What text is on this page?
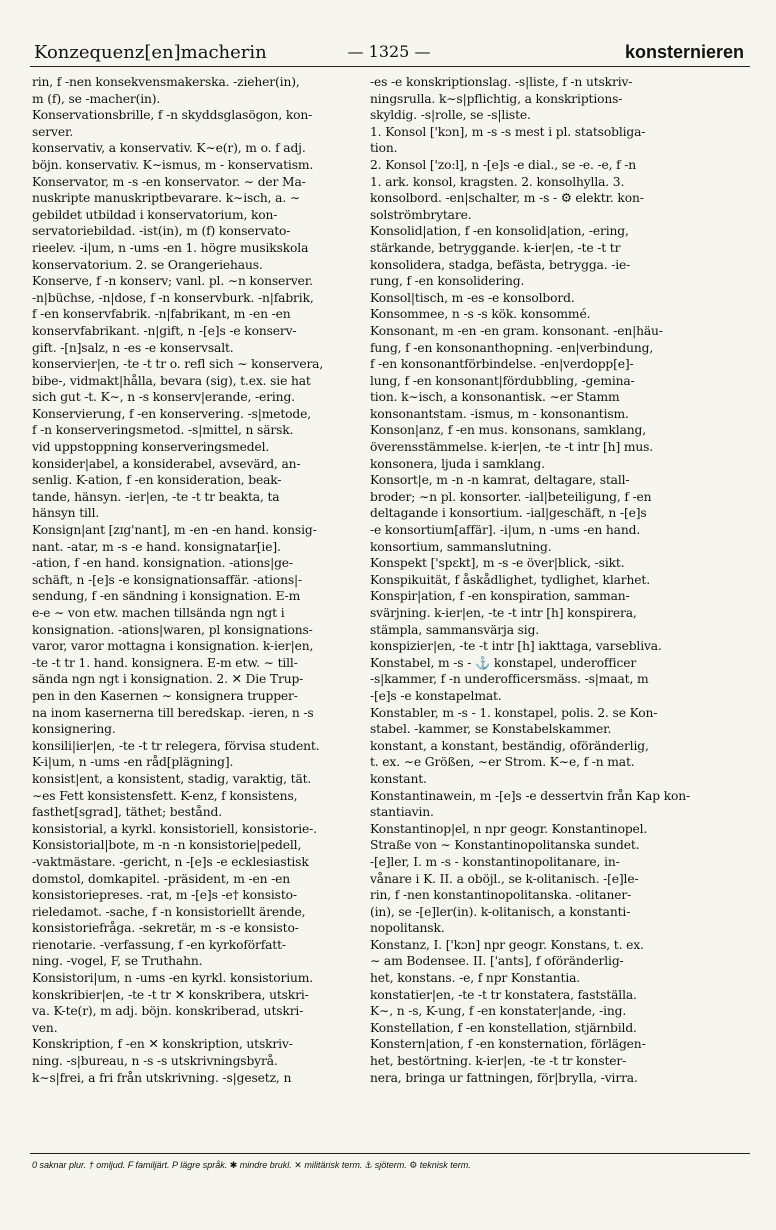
Konzequenz[en]macherin	— 1325 —	konsternieren
rin, f -nen konsekvensmakerska. -zieher(in),
m (f), se -macher(in).
Konservationsbrille, f -n skyddsglasögon, kon-
server.
konservativ, a konservativ. K∼e(r), m o. f adj.
böjn. konservativ. K∼ismus, m - konservatism.
Konservator, m -s -en konservator. ∼ der Ma-
nuskripte manuskriptbevarare. k∼isch, a. ∼
gebildet utbildad i konservatorium, kon-
servatoriebildad. -ist(in), m (f) konservato-
rieelev. -i|um, n -ums -en 1. högre musikskola
konservatorium. 2. se Orangeriehaus.
Konserve, f -n konserv; vanl. pl. ∼n konserver.
-n|büchse, -n|dose, f -n konservburk. -n|fabrik,
f -en konservfabrik. -n|fabrikant, m -en -en
konservfabrikant. -n|gift, n -[e]s -e konserv-
gift. -[n]salz, n -es -e konservsalt.
konservier|en, -te -t tr o. refl sich ∼ konservera,
bibe-, vidmakt|hålla, bevara (sig), t.ex. sie hat
sich gut -t. K∼, n -s konserv|erande, -ering.
Konservierung, f -en konservering. -s|metode,
f -n konserveringsmetod. -s|mittel, n särsk.
vid uppstoppning konserveringsmedel.
konsider|abel, a konsiderabel, avsevärd, an-
senlig. K-ation, f -en konsideration, beak-
tande, hänsyn. -ier|en, -te -t tr beakta, ta
hänsyn till.
Konsign|ant [zɪg'nant], m -en -en hand. konsig-
nant. -atar, m -s -e hand. konsignatar[ie].
-ation, f -en hand. konsignation. -ations|ge-
schäft, n -[e]s -e konsignationsaffär. -ations|-
sendung, f -en sändning i konsignation. E-m
e-e ∼ von etw. machen tillsända ngn ngt i
konsignation. -ations|waren, pl konsignations-
varor, varor mottagna i konsignation. k-ier|en,
-te -t tr 1. hand. konsignera. E-m etw. ∼ till-
sända ngn ngt i konsignation. 2. ✕ Die Trup-
pen in den Kasernen ∼ konsignera trupper-
na inom kasernerna till beredskap. -ieren, n -s
konsignering.
konsili|ier|en, -te -t tr relegera, förvisa student.
K-i|um, n -ums -en råd[plägning].
konsist|ent, a konsistent, stadig, varaktig, tät.
∼es Fett konsistensfett. K-enz, f konsistens,
fasthet[sgrad], täthet; bestånd.
konsistorial, a kyrkl. konsistoriell, konsistorie-.
Konsistorial|bote, m -n -n konsistorie|pedell,
-vaktmästare. -gericht, n -[e]s -e ecklesiastisk
domstol, domkapitel. -präsident, m -en -en
konsistoriepreses. -rat, m -[e]s -e† konsisto-
rieledamot. -sache, f -n konsistoriellt ärende,
konsistoriefråga. -sekretär, m -s -e konsisto-
rienotarie. -verfassung, f -en kyrkoförfatt-
ning. -vogel, F, se Truthahn.
Konsistori|um, n -ums -en kyrkl. konsistorium.
konskribier|en, -te -t tr ✕ konskribera, utskri-
va. K-te(r), m adj. böjn. konskriberad, utskri-
ven.
Konskription, f -en ✕ konskription, utskriv-
ning. -s|bureau, n -s -s utskrivningsbyrå.
k∼s|frei, a fri från utskrivning. -s|gesetz, n
-es -e konskriptionslag. -s|liste, f -n utskriv-
ningsrulla. k∼s|pflichtig, a konskriptions-
skyldig. -s|rolle, se -s|liste.
1. Konsol ['kɔn], m -s -s mest i pl. statsobliga-
tion.
2. Konsol ['zo:l], n -[e]s -e dial., se -e. -e, f -n
1. ark. konsol, kragsten. 2. konsolhylla. 3.
konsolbord. -en|schalter, m -s - ⚙ elektr. kon-
solströmbrytare.
Konsolid|ation, f -en konsolid|ation, -ering,
stärkande, betryggande. k-ier|en, -te -t tr
konsolidera, stadga, befästa, betrygga. -ie-
rung, f -en konsolidering.
Konsol|tisch, m -es -e konsolbord.
Konsommee, n -s -s kök. konsommé.
Konsonant, m -en -en gram. konsonant. -en|häu-
fung, f -en konsonanthopning. -en|verbindung,
f -en konsonantförbindelse. -en|verdopp[e]-
lung, f -en konsonant|fördubbling, -gemina-
tion. k∼isch, a konsonantisk. ∼er Stamm
konsonantstam. -ismus, m - konsonantism.
Konson|anz, f -en mus. konsonans, samklang,
överensstämmelse. k-ier|en, -te -t intr [h] mus.
konsonera, ljuda i samklang.
Konsort|e, m -n -n kamrat, deltagare, stall-
broder; ∼n pl. konsorter. -ial|beteiligung, f -en
deltagande i konsortium. -ial|geschäft, n -[e]s
-e konsortium[affär]. -i|um, n -ums -en hand.
konsortium, sammanslutning.
Konspekt ['spɛkt], m -s -e över|blick, -sikt.
Konspikuität, f åskådlighet, tydlighet, klarhet.
Konspir|ation, f -en konspiration, samman-
svärjning. k-ier|en, -te -t intr [h] konspirera,
stämpla, sammansvärja sig.
konspizier|en, -te -t intr [h] iakttaga, varsebliva.
Konstabel, m -s - ⚓ konstapel, underofficer
-s|kammer, f -n underofficersmäss. -s|maat, m
-[e]s -e konstapelmat.
Konstabler, m -s - 1. konstapel, polis. 2. se Kon-
stabel. -kammer, se Konstabelskammer.
konstant, a konstant, beständig, oföränderlig,
t. ex. ∼e Größen, ∼er Strom. K∼e, f -n mat.
konstant.
Konstantinawein, m -[e]s -e dessertvin från Kap kon-
stantiavin.
Konstantinop|el, n npr geogr. Konstantinopel.
Straße von ∼ Konstantinopolitanska sundet.
-[e]ler, I. m -s - konstantinopolitanare, in-
vånare i K. II. a oböjl., se k-olitanisch. -[e]le-
rin, f -nen konstantinopolitanska. -olitaner-
(in), se -[e]ler(in). k-olitanisch, a konstanti-
nopolitansk.
Konstanz, I. ['kɔn] npr geogr. Konstans, t. ex.
∼ am Bodensee. II. ['ants], f oföränderlig-
het, konstans. -e, f npr Konstantia.
konstatier|en, -te -t tr konstatera, fastställa.
K∼, n -s, K-ung, f -en konstater|ande, -ing.
Konstellation, f -en konstellation, stjärnbild.
Konstern|ation, f -en konsternation, förlägen-
het, bestörtning. k-ier|en, -te -t tr konster-
nera, bringa ur fattningen, för|brylla, -virra.
0 saknar plur. † omljud. F familjärt. P lägre språk. ✱ mindre brukl. ✕ militärisk term. ⚓ sjöterm. ⚙ teknisk term.
